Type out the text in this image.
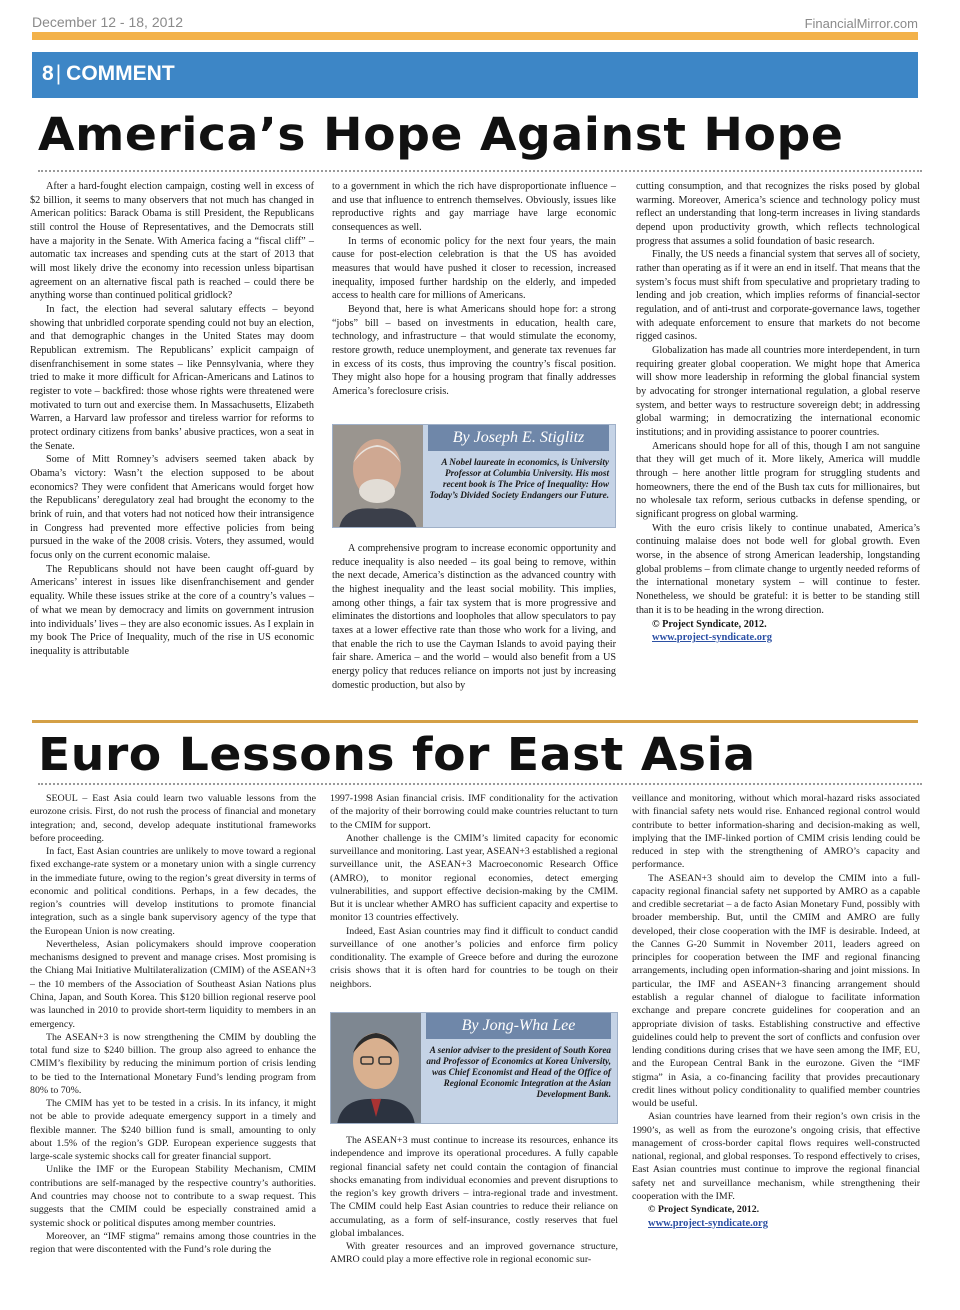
December 12 - 18, 2012	FinancialMirror.com
8| COMMENT
America’s Hope Against Hope

After a hard-fought election campaign, costing well in excess of $2 billion, it seems to many observers that not much has changed in American politics: Barack Obama is still President, the Republicans still control the House of Representatives, and the Democrats still have a majority in the Senate. With America facing a “fiscal cliff” – automatic tax increases and spending cuts at the start of 2013 that will most likely drive the economy into recession unless bipartisan agreement on an alternative fiscal path is reached – could there be anything worse than continued political gridlock?

In fact, the election had several salutary effects – beyond showing that unbridled corporate spending could not buy an election, and that demographic changes in the United States may doom Republican extremism. The Republicans’ explicit campaign of disenfranchisement in some states – like Pennsylvania, where they tried to make it more difficult for African-Americans and Latinos to register to vote – backfired: those whose rights were threatened were motivated to turn out and exercise them. In Massachusetts, Elizabeth Warren, a Harvard law professor and tireless warrior for reforms to protect ordinary citizens from banks’ abusive practices, won a seat in the Senate.

Some of Mitt Romney’s advisers seemed taken aback by Obama’s victory: Wasn’t the election supposed to be about economics? They were confident that Americans would forget how the Republicans’ deregulatory zeal had brought the economy to the brink of ruin, and that voters had not noticed how their intransigence in Congress had prevented more effective policies from being pursued in the wake of the 2008 crisis. Voters, they assumed, would focus only on the current economic malaise.

The Republicans should not have been caught off-guard by Americans’ interest in issues like disenfranchisement and gender equality. While these issues strike at the core of a country’s values – of what we mean by democracy and limits on government intrusion into individuals’ lives – they are also economic issues. As I explain in my book The Price of Inequality, much of the rise in US economic inequality is attributable

to a government in which the rich have disproportionate influence – and use that influence to entrench themselves. Obviously, issues like reproductive rights and gay marriage have large economic consequences as well.

In terms of economic policy for the next four years, the main cause for post-election celebration is that the US has avoided measures that would have pushed it closer to recession, increased inequality, imposed further hardship on the elderly, and impeded access to health care for millions of Americans.

Beyond that, here is what Americans should hope for: a strong “jobs” bill – based on investments in education, health care, technology, and infrastructure – that would stimulate the economy, restore growth, reduce unemployment, and generate tax revenues far in excess of its costs, thus improving the country’s fiscal position. They might also hope for a housing program that finally addresses America’s foreclosure crisis.

By Joseph E. Stiglitz
A Nobel laureate in economics, is University Professor at Columbia University. His most recent book is The Price of Inequality: How Today’s Divided Society Endangers our Future.

A comprehensive program to increase economic opportunity and reduce inequality is also needed – its goal being to remove, within the next decade, America’s distinction as the advanced country with the highest inequality and the least social mobility. This implies, among other things, a fair tax system that is more progressive and eliminates the distortions and loopholes that allow speculators to pay taxes at a lower effective rate than those who work for a living, and that enable the rich to use the Cayman Islands to avoid paying their fair share. America – and the world – would also benefit from a US energy policy that reduces reliance on imports not just by increasing domestic production, but also by

cutting consumption, and that recognizes the risks posed by global warming. Moreover, America’s science and technology policy must reflect an understanding that long-term increases in living standards depend upon productivity growth, which reflects technological progress that assumes a solid foundation of basic research.

Finally, the US needs a financial system that serves all of society, rather than operating as if it were an end in itself. That means that the system’s focus must shift from speculative and proprietary trading to lending and job creation, which implies reforms of financial-sector regulation, and of anti-trust and corporate-governance laws, together with adequate enforcement to ensure that markets do not become rigged casinos.

Globalization has made all countries more interdependent, in turn requiring greater global cooperation. We might hope that America will show more leadership in reforming the global financial system by advocating for stronger international regulation, a global reserve system, and better ways to restructure sovereign debt; in addressing global warming; in democratizing the international economic institutions; and in providing assistance to poorer countries.

Americans should hope for all of this, though I am not sanguine that they will get much of it. More likely, America will muddle through – here another little program for struggling students and homeowners, there the end of the Bush tax cuts for millionaires, but no wholesale tax reform, serious cutbacks in defense spending, or significant progress on global warming.

With the euro crisis likely to continue unabated, America’s continuing malaise does not bode well for global growth. Even worse, in the absence of strong American leadership, longstanding global problems – from climate change to urgently needed reforms of the international monetary system – will continue to fester. Nonetheless, we should be grateful: it is better to be standing still than it is to be heading in the wrong direction.

© Project Syndicate, 2012.

www.project-syndicate.org
Euro Lessons for East Asia

SEOUL – East Asia could learn two valuable lessons from the eurozone crisis. First, do not rush the process of financial and monetary integration; and, second, develop adequate institutional frameworks before proceeding.

In fact, East Asian countries are unlikely to move toward a regional fixed exchange-rate system or a monetary union with a single currency in the immediate future, owing to the region’s great diversity in terms of economic and political conditions. Perhaps, in a few decades, the region’s countries will develop institutions to promote financial integration, such as a single bank supervisory agency of the type that the European Union is now creating.

Nevertheless, Asian policymakers should improve cooperation mechanisms designed to prevent and manage crises. Most promising is the Chiang Mai Initiative Multilateralization (CMIM) of the ASEAN+3 – the 10 members of the Association of Southeast Asian Nations plus China, Japan, and South Korea. This $120 billion regional reserve pool was launched in 2010 to provide short-term liquidity to members in an emergency.

The ASEAN+3 is now strengthening the CMIM by doubling the total fund size to $240 billion. The group also agreed to enhance the CMIM’s flexibility by reducing the minimum portion of crisis lending to be tied to the International Monetary Fund’s lending program from 80% to 70%.

The CMIM has yet to be tested in a crisis. In its infancy, it might not be able to provide adequate emergency support in a timely and flexible manner. The $240 billion fund is small, amounting to only about 1.5% of the region’s GDP. European experience suggests that large-scale systemic shocks call for greater financial support.

Unlike the IMF or the European Stability Mechanism, CMIM contributions are self-managed by the respective country’s authorities. And countries may choose not to contribute to a swap request. This suggests that the CMIM could be especially constrained amid a systemic shock or political disputes among member countries.

Moreover, an “IMF stigma” remains among those countries in the region that were discontented with the Fund’s role during the

1997-1998 Asian financial crisis. IMF conditionality for the activation of the majority of their borrowing could make countries reluctant to turn to the CMIM for support.

Another challenge is the CMIM’s limited capacity for economic surveillance and monitoring. Last year, ASEAN+3 established a regional surveillance unit, the ASEAN+3 Macroeconomic Research Office (AMRO), to monitor regional economies, detect emerging vulnerabilities, and support effective decision-making by the CMIM. But it is unclear whether AMRO has sufficient capacity and expertise to monitor 13 countries effectively.

Indeed, East Asian countries may find it difficult to conduct candid surveillance of one another’s policies and enforce firm policy conditionality. The example of Greece before and during the eurozone crisis shows that it is often hard for countries to be tough on their neighbors.

By Jong-Wha Lee
A senior adviser to the president of South Korea and Professor of Economics at Korea University, was Chief Economist and Head of the Office of Regional Economic Integration at the Asian Development Bank.

The ASEAN+3 must continue to increase its resources, enhance its independence and improve its operational procedures. A fully capable regional financial safety net could contain the contagion of financial shocks emanating from individual economies and prevent disruptions to the region’s key growth drivers – intra-regional trade and investment. The CMIM could help East Asian countries to reduce their reliance on accumulating, as a form of self-insurance, costly reserves that fuel global imbalances.

With greater resources and an improved governance structure, AMRO could play a more effective role in regional economic sur-

veillance and monitoring, without which moral-hazard risks associated with financial safety nets would rise. Enhanced regional control would contribute to better information-sharing and decision-making as well, implying that the IMF-linked portion of CMIM crisis lending could be reduced in step with the strengthening of AMRO’s capacity and performance.

The ASEAN+3 should aim to develop the CMIM into a full-capacity regional financial safety net supported by AMRO as a capable and credible secretariat – a de facto Asian Monetary Fund, possibly with broader membership. But, until the CMIM and AMRO are fully developed, their close cooperation with the IMF is desirable. Indeed, at the Cannes G-20 Summit in November 2011, leaders agreed on principles for cooperation between the IMF and regional financing arrangements, including open information-sharing and joint missions. In particular, the IMF and ASEAN+3 financing arrangement should establish a regular channel of dialogue to facilitate information exchange and prepare concrete guidelines for cooperation and an appropriate division of tasks. Establishing constructive and effective guidelines could help to prevent the sort of conflicts and confusion over lending conditions during crises that we have seen among the IMF, EU, and the European Central Bank in the eurozone. Given the “IMF stigma” in Asia, a co-financing facility that provides precautionary credit lines without policy conditionality to qualified member countries would be useful.

Asian countries have learned from their region’s own crisis in the 1990’s, as well as from the eurozone’s ongoing crisis, that effective management of cross-border capital flows requires well-constructed national, regional, and global responses. To respond effectively to crises, East Asian countries must continue to improve the regional financial safety net and surveillance mechanism, while strengthening their cooperation with the IMF.

© Project Syndicate, 2012.

www.project-syndicate.org
